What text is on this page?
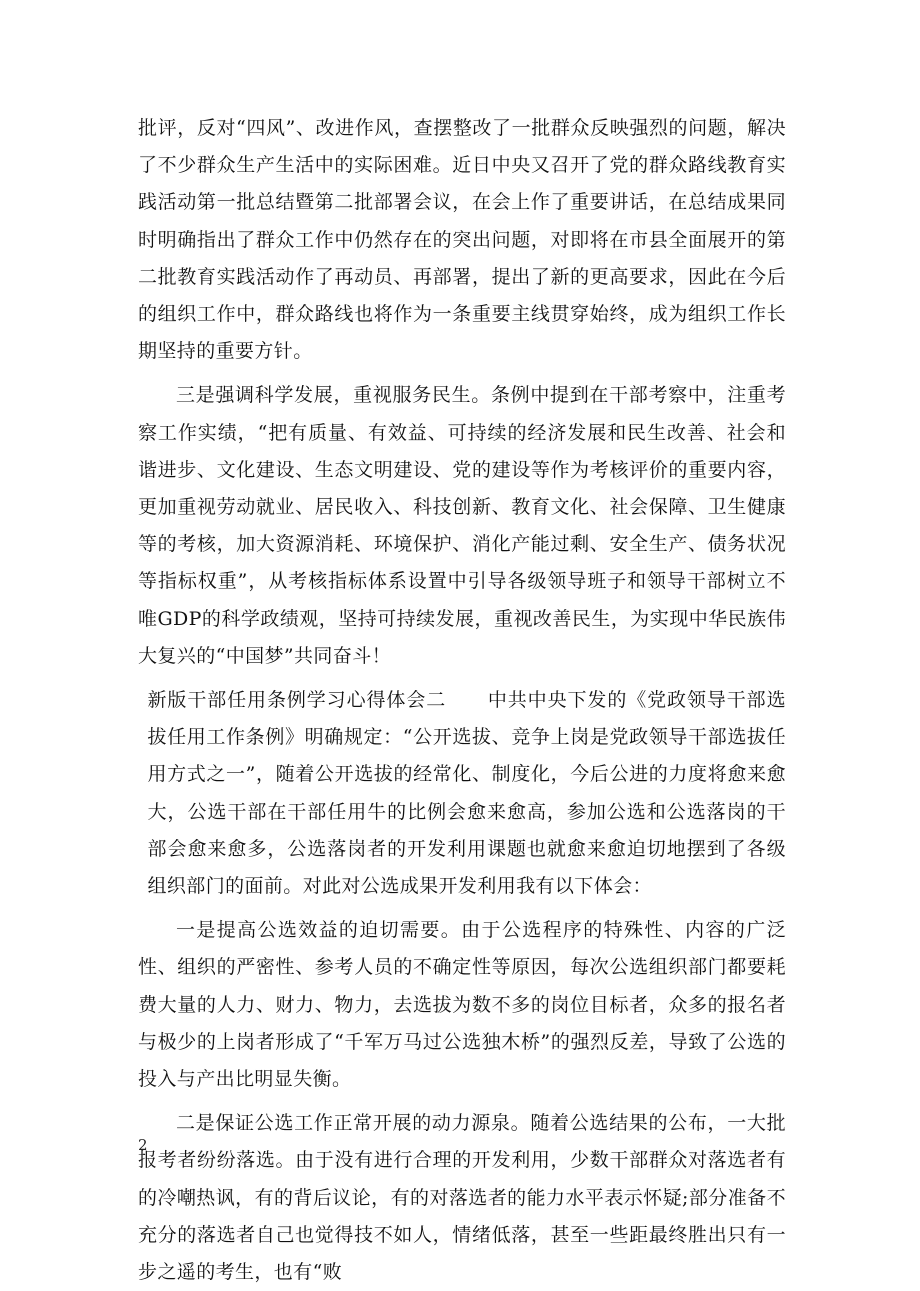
批评，反对“四风”、改进作风，查摆整改了一批群众反映强烈的问题，解决了不少群众生产生活中的实际困难。近日中央又召开了党的群众路线教育实践活动第一批总结暨第二批部署会议，在会上作了重要讲话，在总结成果同时明确指出了群众工作中仍然存在的突出问题，对即将在市县全面展开的第二批教育实践活动作了再动员、再部署，提出了新的更高要求，因此在今后的组织工作中，群众路线也将作为一条重要主线贯穿始终，成为组织工作长期坚持的重要方针。

三是强调科学发展，重视服务民生。条例中提到在干部考察中，注重考察工作实绩，“把有质量、有效益、可持续的经济发展和民生改善、社会和谐进步、文化建设、生态文明建设、党的建设等作为考核评价的重要内容，更加重视劳动就业、居民收入、科技创新、教育文化、社会保障、卫生健康等的考核，加大资源消耗、环境保护、消化产能过剩、安全生产、债务状况等指标权重”，从考核指标体系设置中引导各级领导班子和领导干部树立不唯GDP的科学政绩观，坚持可持续发展，重视改善民生，为实现中华民族伟大复兴的“中国梦”共同奋斗！

新版干部任用条例学习心得体会二 中共中央下发的《党政领导干部选拔任用工作条例》明确规定：“公开选拔、竞争上岗是党政领导干部选拔任用方式之一”，随着公开选拔的经常化、制度化，今后公进的力度将愈来愈大，公选干部在干部任用牛的比例会愈来愈高，参加公选和公选落岗的干部会愈来愈多，公选落岗者的开发利用课题也就愈来愈迫切地摆到了各级组织部门的面前。对此对公选成果开发利用我有以下体会：

一是提高公选效益的迫切需要。由于公选程序的特殊性、内容的广泛性、组织的严密性、参考人员的不确定性等原因，每次公选组织部门都要耗费大量的人力、财力、物力，去选拔为数不多的岗位目标者，众多的报名者与极少的上岗者形成了“千军万马过公选独木桥”的强烈反差，导致了公选的投入与产出比明显失衡。

二是保证公选工作正常开展的动力源泉。随着公选结果的公布，一大批报考者纷纷落选。由于没有进行合理的开发利用，少数干部群众对落选者有的冷嘲热讽，有的背后议论，有的对落选者的能力水平表示怀疑;部分准备不充分的落选者自己也觉得技不如人，情绪低落，甚至一些距最终胜出只有一步之遥的考生，也有“败

2
